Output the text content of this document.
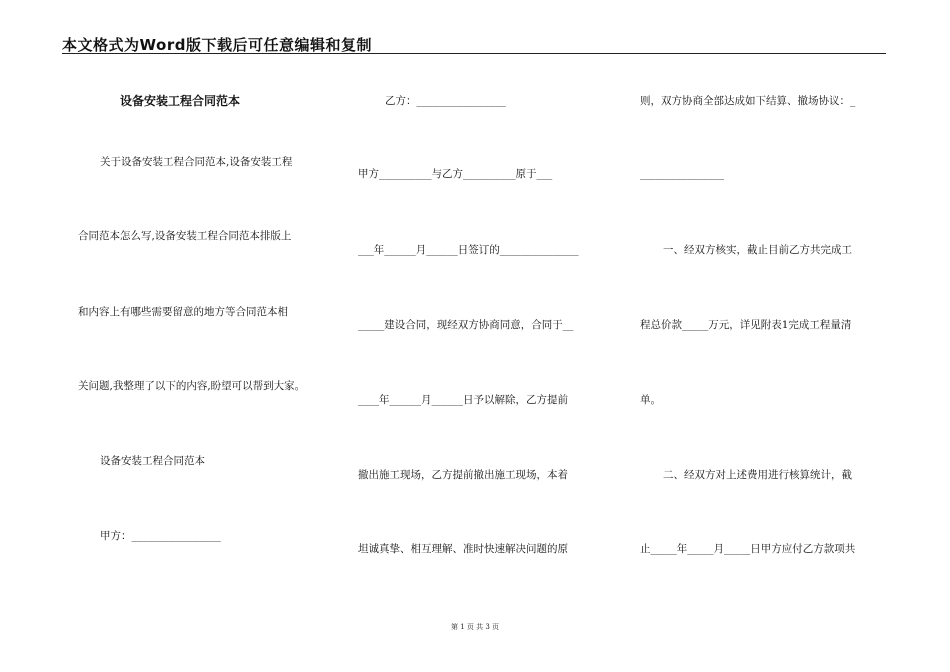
本文格式为Word版下载后可任意编辑和复制
设备安装工程合同范本
关于设备安装工程合同范本,设备安装工程
合同范本怎么写,设备安装工程合同范本排版上
和内容上有哪些需要留意的地方等合同范本相
关问题,我整理了以下的内容,盼望可以帮到大家。
设备安装工程合同范本
甲方：_________________
乙方：_________________
甲方__________与乙方__________原于___
___年______月______日签订的_______________
_____建设合同，现经双方协商同意，合同于__
____年______月______日予以解除，乙方提前
撤出施工现场，乙方提前撤出施工现场，本着
坦诚真挚、相互理解、准时快速解决问题的原
则，双方协商全部达成如下结算、撤场协议：_
________________
一、经双方核实，截止目前乙方共完成工
程总价款_____万元，详见附表1完成工程量清
单。
二、经双方对上述费用进行核算统计，截
止_____年_____月_____日甲方应付乙方款项共
第 1 页 共 3 页
